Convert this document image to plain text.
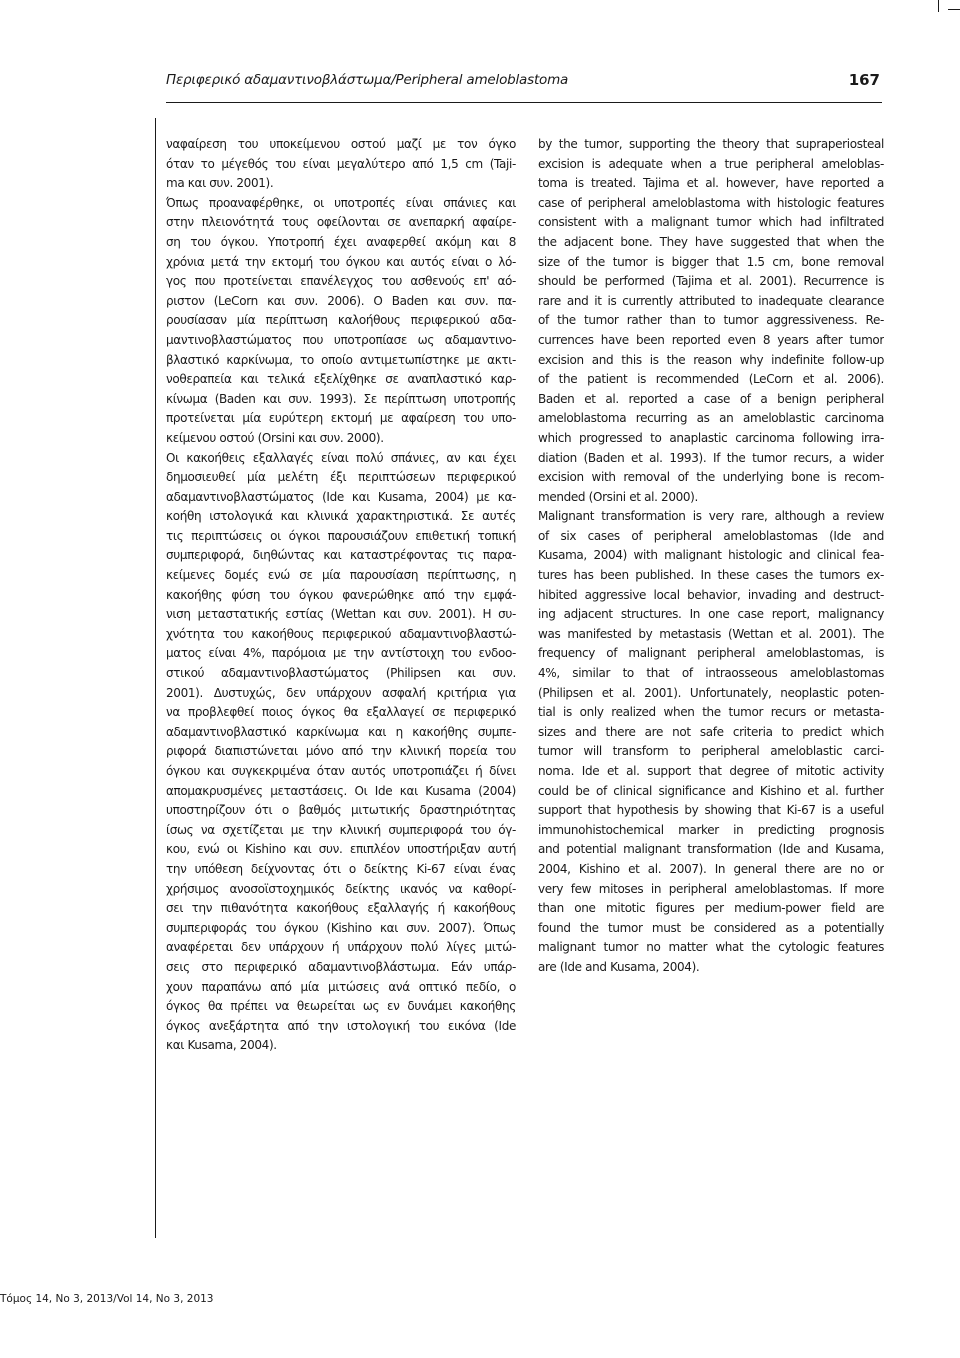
Περιφερικό αδαμαντινοβλάστωμα/Peripheral ameloblastoma	167
ναφαίρεση του υποκείμενου οστού μαζί με τον όγκο
όταν το μέγεθός του είναι μεγαλύτερο από 1,5 cm (Taji-
ma και συν. 2001).
Όπως προαναφέρθηκε, οι υποτροπές είναι σπάνιες και
στην πλειονότητά τους οφείλονται σε ανεπαρκή αφαίρε-
ση του όγκου. Υποτροπή έχει αναφερθεί ακόμη και 8
χρόνια μετά την εκτομή του όγκου και αυτός είναι ο λό-
γος που προτείνεται επανέλεγχος του ασθενούς επ' αό-
ριστον (LeCorn και συν. 2006). Ο Baden και συν. πα-
ρουσίασαν μία περίπτωση καλοήθους περιφερικού αδα-
μαντινοβλαστώματος που υποτροπίασε ως αδαμαντινο-
βλαστικό καρκίνωμα, το οποίο αντιμετωπίστηκε με ακτι-
νοθεραπεία και τελικά εξελίχθηκε σε αναπλαστικό καρ-
κίνωμα (Baden και συν. 1993). Σε περίπτωση υποτροπής
προτείνεται μία ευρύτερη εκτομή με αφαίρεση του υπο-
κείμενου οστού (Orsini και συν. 2000).
Οι κακοήθεις εξαλλαγές είναι πολύ σπάνιες, αν και έχει
δημοσιευθεί μία μελέτη έξι περιπτώσεων περιφερικού
αδαμαντινοβλαστώματος (Ide και Kusama, 2004) με κα-
κοήθη ιστολογικά και κλινικά χαρακτηριστικά. Σε αυτές
τις περιπτώσεις οι όγκοι παρουσιάζουν επιθετική τοπική
συμπεριφορά, διηθώντας και καταστρέφοντας τις παρα-
κείμενες δομές ενώ σε μία παρουσίαση περίπτωσης, η
κακοήθης φύση του όγκου φανερώθηκε από την εμφά-
νιση μεταστατικής εστίας (Wettan και συν. 2001). Η συ-
χνότητα του κακοήθους περιφερικού αδαμαντινοβλαστώ-
ματος είναι 4%, παρόμοια με την αντίστοιχη του ενδοο-
στικού αδαμαντινοβλαστώματος (Philipsen και συν.
2001). Δυστυχώς, δεν υπάρχουν ασφαλή κριτήρια για
να προβλεφθεί ποιος όγκος θα εξαλλαγεί σε περιφερικό
αδαμαντινοβλαστικό καρκίνωμα και η κακοήθης συμπε-
ριφορά διαπιστώνεται μόνο από την κλινική πορεία του
όγκου και συγκεκριμένα όταν αυτός υποτροπιάζει ή δίνει
απομακρυσμένες μεταστάσεις. Οι Ide και Kusama (2004)
υποστηρίζουν ότι ο βαθμός μιτωτικής δραστηριότητας
ίσως να σχετίζεται με την κλινική συμπεριφορά του όγ-
κου, ενώ οι Kishino και συν. επιπλέον υποστήριξαν αυτή
την υπόθεση δείχνοντας ότι ο δείκτης Ki-67 είναι ένας
χρήσιμος ανοσοϊστοχημικός δείκτης ικανός να καθορί-
σει την πιθανότητα κακοήθους εξαλλαγής ή κακοήθους
συμπεριφοράς του όγκου (Kishino και συν. 2007). Όπως
αναφέρεται δεν υπάρχουν ή υπάρχουν πολύ λίγες μιτώ-
σεις στο περιφερικό αδαμαντινοβλάστωμα. Εάν υπάρ-
χουν παραπάνω από μία μιτώσεις ανά οπτικό πεδίο, ο
όγκος θα πρέπει να θεωρείται ως εν δυνάμει κακοήθης
όγκος ανεξάρτητα από την ιστολογική του εικόνα (Ide
και Kusama, 2004).
by the tumor, supporting the theory that supraperiosteal
excision is adequate when a true peripheral ameloblas-
toma is treated. Tajima et al. however, have reported a
case of peripheral ameloblastoma with histologic features
consistent with a malignant tumor which had infiltrated
the adjacent bone. They have suggested that when the
size of the tumor is bigger that 1.5 cm, bone removal
should be performed (Tajima et al. 2001). Recurrence is
rare and it is currently attributed to inadequate clearance
of the tumor rather than to tumor aggressiveness. Re-
currences have been reported even 8 years after tumor
excision and this is the reason why indefinite follow-up
of the patient is recommended (LeCorn et al. 2006).
Baden et al. reported a case of a benign peripheral
ameloblastoma recurring as an ameloblastic carcinoma
which progressed to anaplastic carcinoma following irra-
diation (Baden et al. 1993). If the tumor recurs, a wider
excision with removal of the underlying bone is recom-
mended (Orsini et al. 2000).
Malignant transformation is very rare, although a review
of six cases of peripheral ameloblastomas (Ide and
Kusama, 2004) with malignant histologic and clinical fea-
tures has been published. In these cases the tumors ex-
hibited aggressive local behavior, invading and destruct-
ing adjacent structures. In one case report, malignancy
was manifested by metastasis (Wettan et al. 2001). The
frequency of malignant peripheral ameloblastomas, is
4%, similar to that of intraosseous ameloblastomas
(Philipsen et al. 2001). Unfortunately, neoplastic poten-
tial is only realized when the tumor recurs or metasta-
sizes and there are not safe criteria to predict which
tumor will transform to peripheral ameloblastic carci-
noma. Ide et al. support that degree of mitotic activity
could be of clinical significance and Kishino et al. further
support that hypothesis by showing that Ki-67 is a useful
immunohistochemical marker in predicting prognosis
and potential malignant transformation (Ide and Kusama,
2004, Kishino et al. 2007). In general there are no or
very few mitoses in peripheral ameloblastomas. If more
than one mitotic figures per medium-power field are
found the tumor must be considered as a potentially
malignant tumor no matter what the cytologic features
are (Ide and Kusama, 2004).
Τόμος 14, No 3, 2013/Vol 14, No 3, 2013
